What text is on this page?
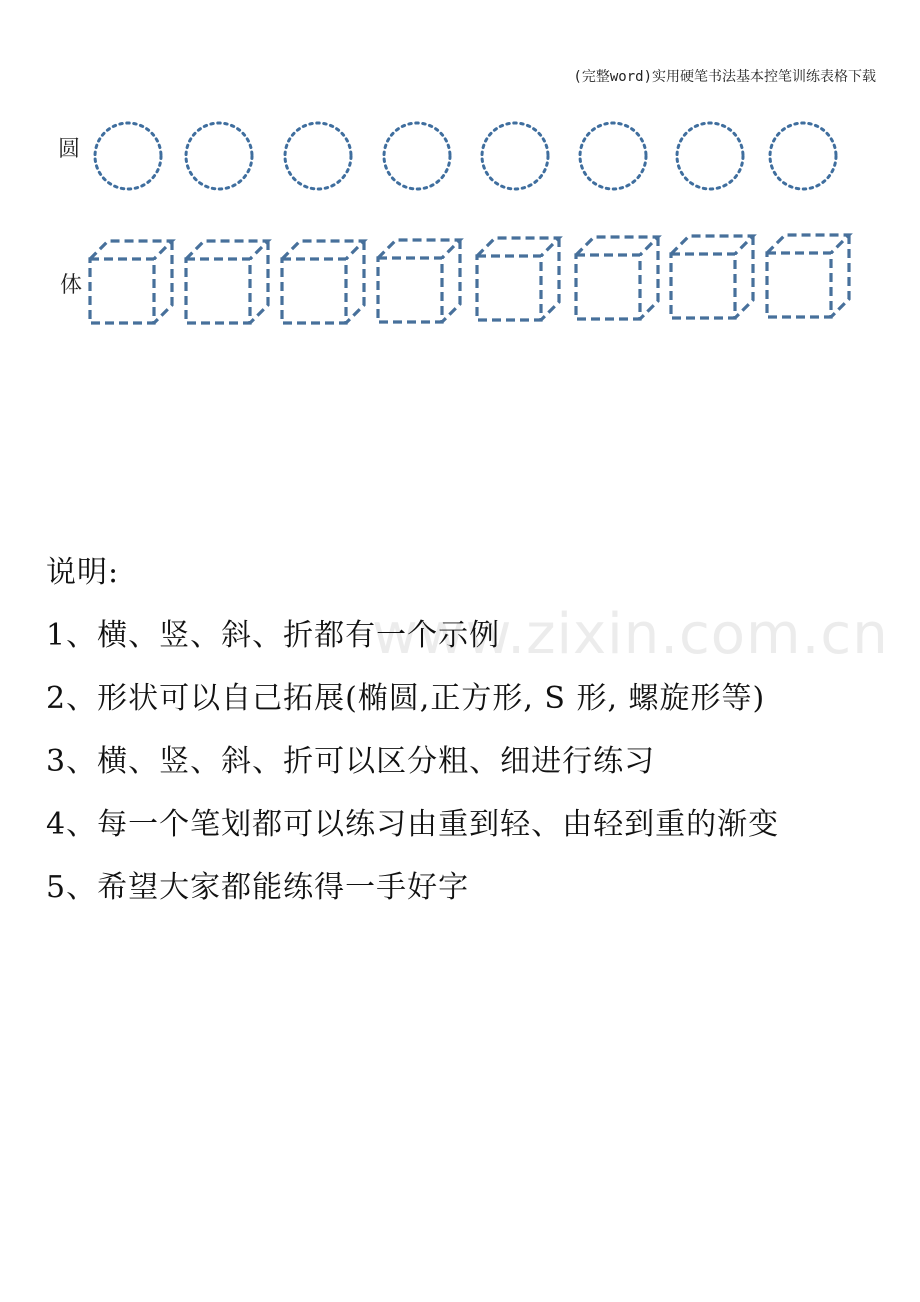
(完整word)实用硬笔书法基本控笔训练表格下载
圆
体
www.zixin.com.cn
说明:
1、横、竖、斜、折都有一个示例
2、形状可以自己拓展(椭圆,正方形, S 形, 螺旋形等)
3、横、竖、斜、折可以区分粗、细进行练习
4、每一个笔划都可以练习由重到轻、由轻到重的渐变
5、希望大家都能练得一手好字
